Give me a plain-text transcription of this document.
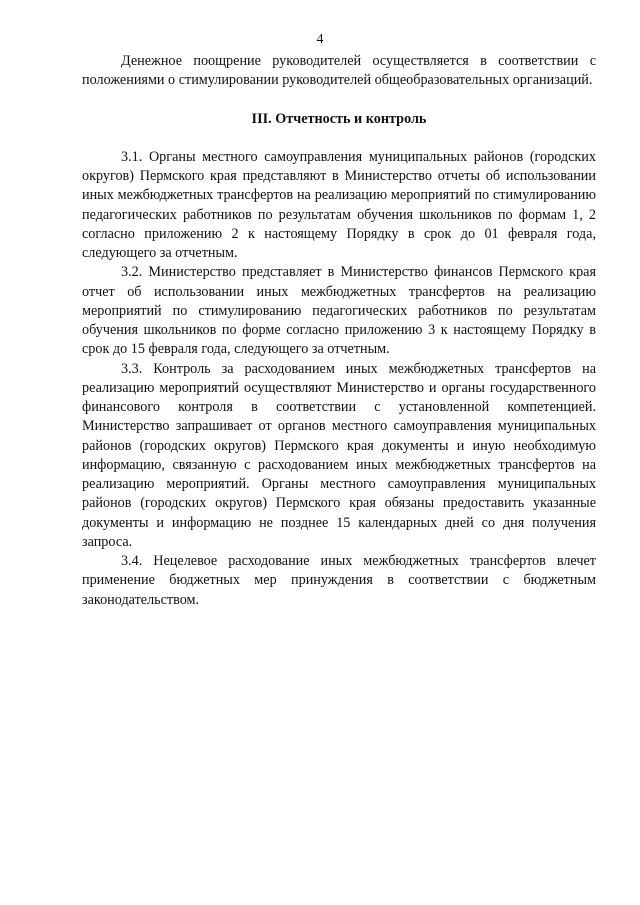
4

Денежное поощрение руководителей осуществляется в соответствии с положениями о стимулировании руководителей общеобразовательных организаций.

III. Отчетность и контроль

3.1. Органы местного самоуправления муниципальных районов (городских округов) Пермского края представляют в Министерство отчеты об использовании иных межбюджетных трансфертов на реализацию мероприятий по стимулированию педагогических работников по результатам обучения школьников по формам 1, 2 согласно приложению 2 к настоящему Порядку в срок до 01 февраля года, следующего за отчетным.

3.2. Министерство представляет в Министерство финансов Пермского края отчет об использовании иных межбюджетных трансфертов на реализацию мероприятий по стимулированию педагогических работников по результатам обучения школьников по форме согласно приложению 3 к настоящему Порядку в срок до 15 февраля года, следующего за отчетным.

3.3. Контроль за расходованием иных межбюджетных трансфертов на реализацию мероприятий осуществляют Министерство и органы государственного финансового контроля в соответствии с установленной компетенцией. Министерство запрашивает от органов местного самоуправления муниципальных районов (городских округов) Пермского края документы и иную необходимую информацию, связанную с расходованием иных межбюджетных трансфертов на реализацию мероприятий. Органы местного самоуправления муниципальных районов (городских округов) Пермского края обязаны предоставить указанные документы и информацию не позднее 15 календарных дней со дня получения запроса.

3.4. Нецелевое расходование иных межбюджетных трансфертов влечет применение бюджетных мер принуждения в соответствии с бюджетным законодательством.
